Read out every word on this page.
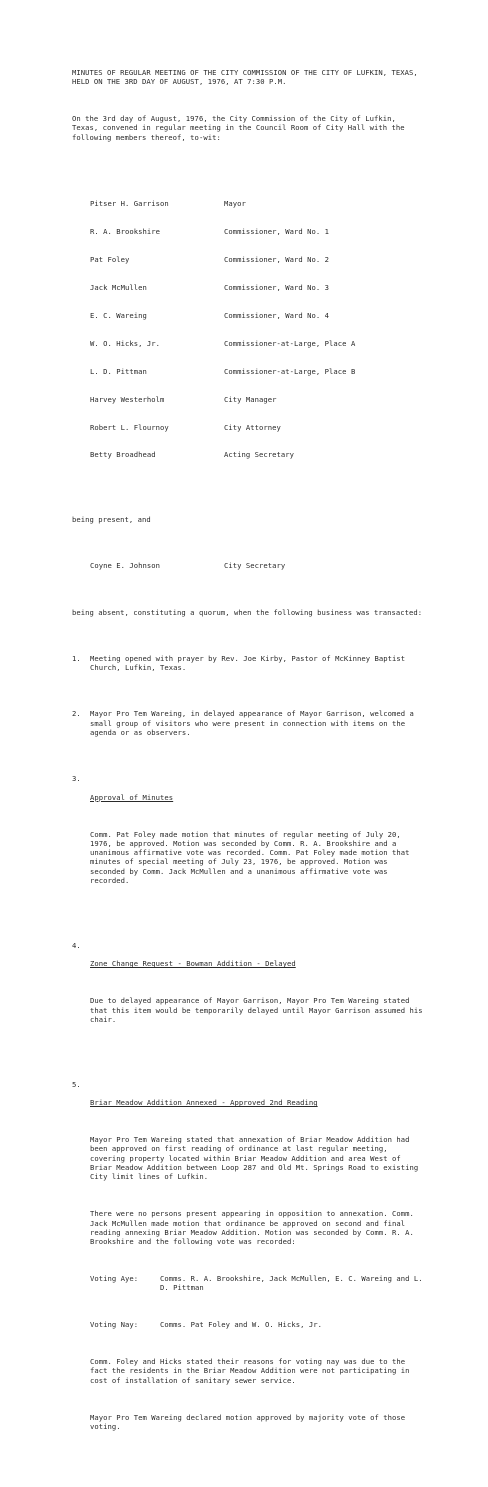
MINUTES OF REGULAR MEETING OF THE CITY COMMISSION OF THE CITY OF LUFKIN, TEXAS, HELD ON THE 3RD DAY OF AUGUST, 1976, AT 7:30 P.M.

On the 3rd day of August, 1976, the City Commission of the City of Lufkin, Texas, convened in regular meeting in the Council Room of City Hall with the following members thereof, to-wit:

Pitser H. Garrison	Mayor

R. A. Brookshire	Commissioner, Ward No. 1

Pat Foley	Commissioner, Ward No. 2

Jack McMullen	Commissioner, Ward No. 3

E. C. Wareing	Commissioner, Ward No. 4

W. O. Hicks, Jr.	Commissioner-at-Large, Place A

L. D. Pittman	Commissioner-at-Large, Place B

Harvey Westerholm	City Manager

Robert L. Flournoy	City Attorney

Betty Broadhead	Acting Secretary

being present, and

Coyne E. Johnson	City Secretary

being absent, constituting a quorum, when the following business was transacted:

1.	Meeting opened with prayer by Rev. Joe Kirby, Pastor of McKinney Baptist Church, Lufkin, Texas.

2.	Mayor Pro Tem Wareing, in delayed appearance of Mayor Garrison, welcomed a small group of visitors who were present in connection with items on the agenda or as observers.

3.

Approval of Minutes

Comm. Pat Foley made motion that minutes of regular meeting of July 20, 1976, be approved. Motion was seconded by Comm. R. A. Brookshire and a unanimous affirmative vote was recorded. Comm. Pat Foley made motion that minutes of special meeting of July 23, 1976, be approved. Motion was seconded by Comm. Jack McMullen and a unanimous affirmative vote was recorded.

4.

Zone Change Request - Bowman Addition - Delayed

Due to delayed appearance of Mayor Garrison, Mayor Pro Tem Wareing stated that this item would be temporarily delayed until Mayor Garrison assumed his chair.

5.

Briar Meadow Addition Annexed - Approved 2nd Reading

Mayor Pro Tem Wareing stated that annexation of Briar Meadow Addition had been approved on first reading of ordinance at last regular meeting, covering property located within Briar Meadow Addition and area West of Briar Meadow Addition between Loop 287 and Old Mt. Springs Road to existing City limit lines of Lufkin.

There were no persons present appearing in opposition to annexation. Comm. Jack McMullen made motion that ordinance be approved on second and final reading annexing Briar Meadow Addition. Motion was seconded by Comm. R. A. Brookshire and the following vote was recorded:

Voting Aye:	Comms. R. A. Brookshire, Jack McMullen, E. C. Wareing and L. D. Pittman

Voting Nay:	Comms. Pat Foley and W. O. Hicks, Jr.

Comm. Foley and Hicks stated their reasons for voting nay was due to the fact the residents in the Briar Meadow Addition were not participating in cost of installation of sanitary sewer service.

Mayor Pro Tem Wareing declared motion approved by majority vote of those voting.
